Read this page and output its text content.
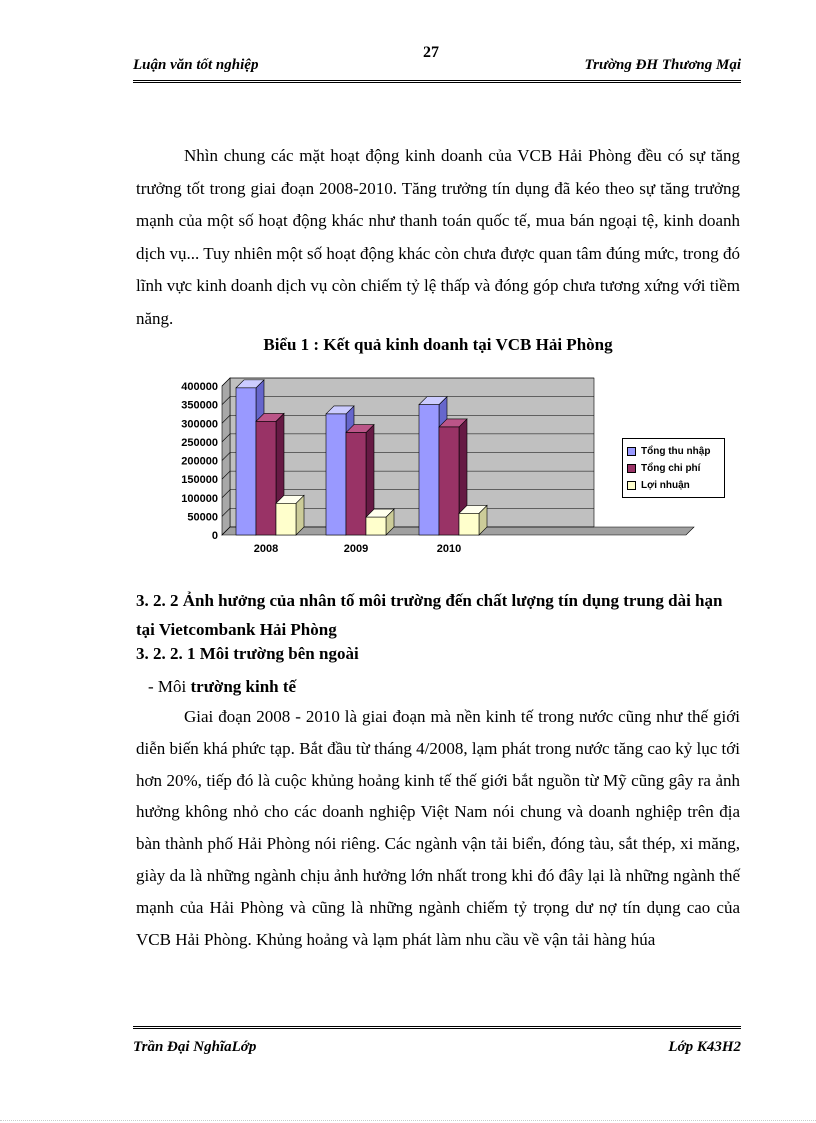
Luận văn tốt nghiệp
27
Trường ĐH Thương Mại

Nhìn chung các mặt hoạt động kinh doanh của VCB Hải Phòng đều có sự tăng trưởng tốt trong giai đoạn 2008-2010. Tăng trưởng tín dụng đã kéo theo sự tăng trưởng mạnh của một số hoạt động khác như thanh toán quốc tế, mua bán ngoại tệ, kinh doanh dịch vụ... Tuy nhiên một số hoạt động khác còn chưa được quan tâm đúng mức, trong đó lĩnh vực kinh doanh dịch vụ còn chiếm tỷ lệ thấp và đóng góp chưa tương xứng với tiềm năng.

Biểu 1 : Kết quả kinh doanh tại VCB Hải Phòng
400000
350000
300000
250000
200000
150000
100000
50000
0
2008	2009	2010
Tổng thu nhập
Tổng chi phí
Lợi nhuận

3. 2. 2 Ảnh hưởng của nhân tố môi trường đến chất lượng tín dụng trung dài hạn tại Vietcombank Hải Phòng

3. 2. 2. 1 Môi trường bên ngoài

- Môi trường kinh tế

Giai đoạn 2008 - 2010 là giai đoạn mà nền kinh tế trong nước cũng như thế giới diễn biến khá phức tạp. Bắt đầu từ tháng 4/2008, lạm phát trong nước tăng cao kỷ lục tới hơn 20%, tiếp đó là cuộc khủng hoảng kinh tế thế giới bắt nguồn từ Mỹ cũng gây ra ảnh hưởng không nhỏ cho các doanh nghiệp Việt Nam nói chung và doanh nghiệp trên địa bàn thành phố Hải Phòng nói riêng. Các ngành vận tải biển, đóng tàu, sắt thép, xi măng, giày da là những ngành chịu ảnh hưởng lớn nhất trong khi đó đây lại là những ngành thế mạnh của Hải Phòng và cũng là những ngành chiếm tỷ trọng dư nợ tín dụng cao của VCB Hải Phòng. Khủng hoảng và lạm phát làm nhu cầu về vận tải hàng húa

Trần Đại NghĩaLớp	Lớp K43H2
